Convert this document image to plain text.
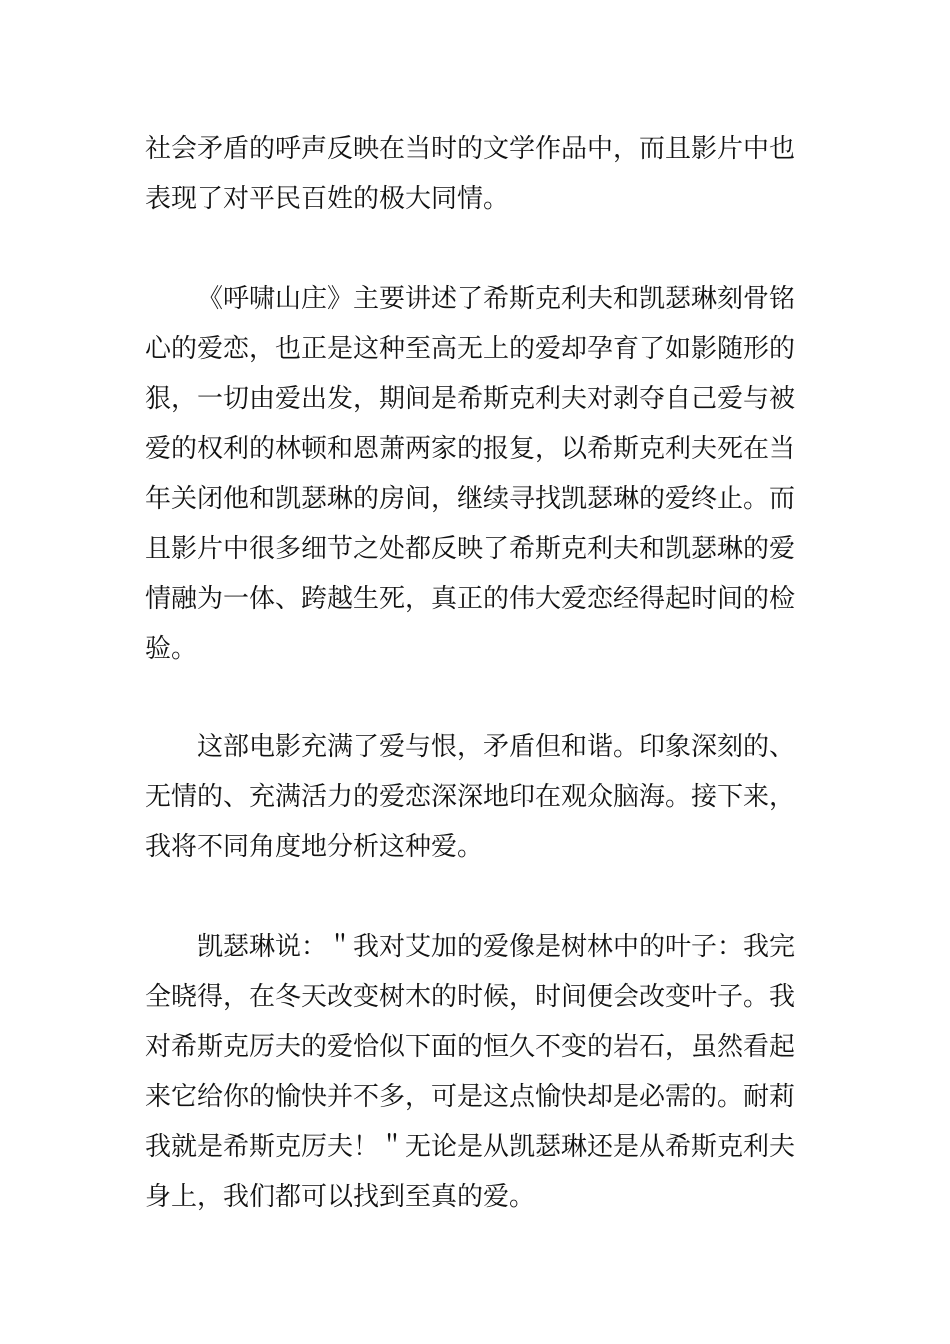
社会矛盾的呼声反映在当时的文学作品中，而且影片中也
表现了对平民百姓的极大同情。
《呼啸山庄》主要讲述了希斯克利夫和凯瑟琳刻骨铭
心的爱恋，也正是这种至高无上的爱却孕育了如影随形的
狠，一切由爱出发，期间是希斯克利夫对剥夺自己爱与被
爱的权利的林顿和恩萧两家的报复，以希斯克利夫死在当
年关闭他和凯瑟琳的房间，继续寻找凯瑟琳的爱终止。而
且影片中很多细节之处都反映了希斯克利夫和凯瑟琳的爱
情融为一体、跨越生死，真正的伟大爱恋经得起时间的检
验。
这部电影充满了爱与恨，矛盾但和谐。印象深刻的、
无情的、充满活力的爱恋深深地印在观众脑海。接下来，
我将不同角度地分析这种爱。
凯瑟琳说：＂我对艾加的爱像是树林中的叶子：我完
全晓得，在冬天改变树木的时候，时间便会改变叶子。我
对希斯克厉夫的爱恰似下面的恒久不变的岩石，虽然看起
来它给你的愉快并不多，可是这点愉快却是必需的。耐莉
我就是希斯克厉夫！＂无论是从凯瑟琳还是从希斯克利夫
身上，我们都可以找到至真的爱。
